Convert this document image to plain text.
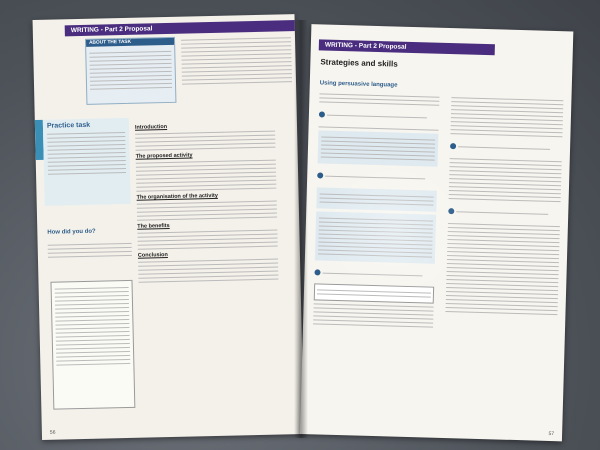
WRITING - Part 2 Proposal
ABOUT THE TASK
Practice task
How did you do?
Introduction
The proposed activity
The organisation of the activity
The benefits
Conclusion
56
WRITING - Part 2 Proposal
Strategies and skills
Using persuasive language
57
